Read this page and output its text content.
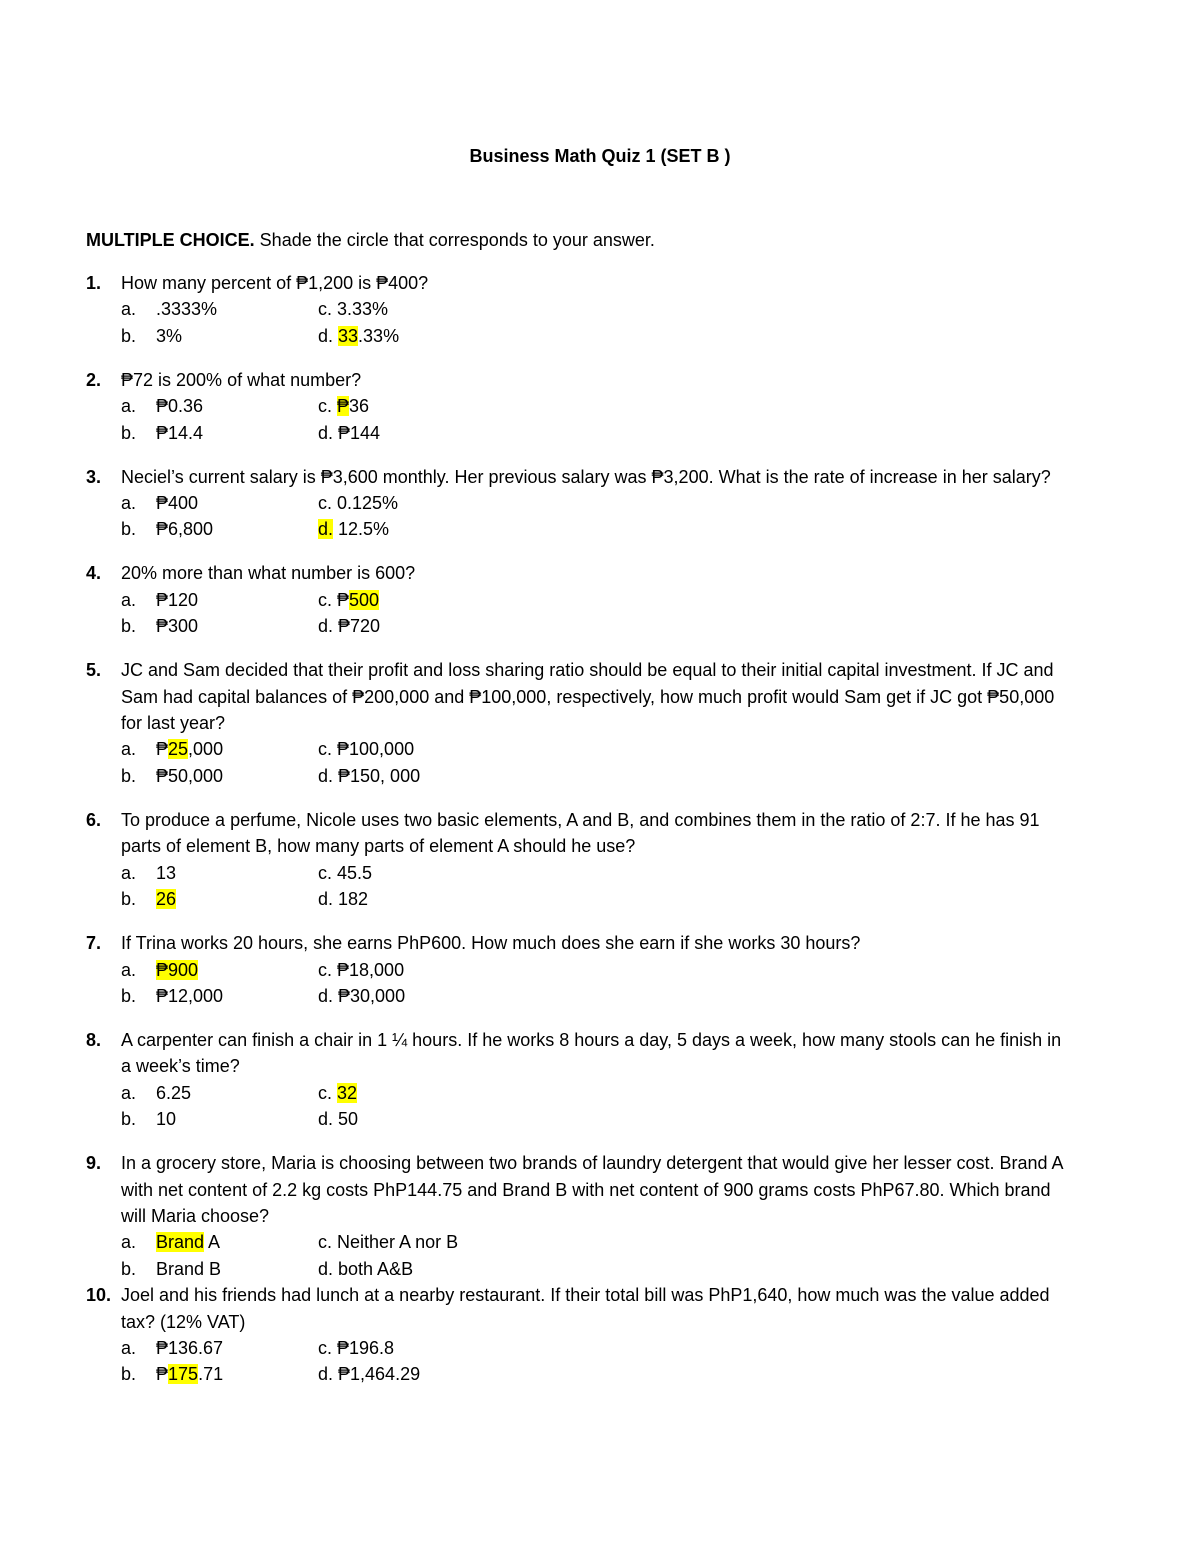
Business Math Quiz 1 (SET B )
MULTIPLE CHOICE. Shade the circle that corresponds to your answer.
1.	How many percent of ₱1,200 is ₱400?
a.	.3333%	c. 3.33%
b.	3%	d. 33.33%
2.	₱72 is 200% of what number?
a.	₱0.36	c. ₱36
b.	₱14.4	d. ₱144
3.	Neciel’s current salary is ₱3,600 monthly. Her previous salary was ₱3,200. What is the rate of increase in her salary?
a.	₱400	c. 0.125%
b.	₱6,800	d. 12.5%
4.	20% more than what number is 600?
a.	₱120	c. ₱500
b.	₱300	d. ₱720
5.	JC and Sam decided that their profit and loss sharing ratio should be equal to their initial capital investment. If JC and Sam had capital balances of ₱200,000 and ₱100,000, respectively, how much profit would Sam get if JC got ₱50,000 for last year?
a.	₱25,000	c. ₱100,000
b.	₱50,000	d. ₱150, 000
6.	To produce a perfume, Nicole uses two basic elements, A and B, and combines them in the ratio of 2:7. If he has 91 parts of element B, how many parts of element A should he use?
a.	13	c. 45.5
b.	26	d. 182
7.	If Trina works 20 hours, she earns PhP600. How much does she earn if she works 30 hours?
a.	₱900	c. ₱18,000
b.	₱12,000	d. ₱30,000
8.	A carpenter can finish a chair in 1 ¼ hours. If he works 8 hours a day, 5 days a week, how many stools can he finish in a week’s time?
a.	6.25	c. 32
b.	10	d. 50
9.	In a grocery store, Maria is choosing between two brands of laundry detergent that would give her lesser cost. Brand A with net content of 2.2 kg costs PhP144.75 and Brand B with net content of 900 grams costs PhP67.80. Which brand will Maria choose?
a.	Brand A	c. Neither A nor B
b.	Brand B	d. both A&B
10. Joel and his friends had lunch at a nearby restaurant. If their total bill was PhP1,640, how much was the value added tax? (12% VAT)
a.	₱136.67	c. ₱196.8
b.	₱175.71	d. ₱1,464.29
